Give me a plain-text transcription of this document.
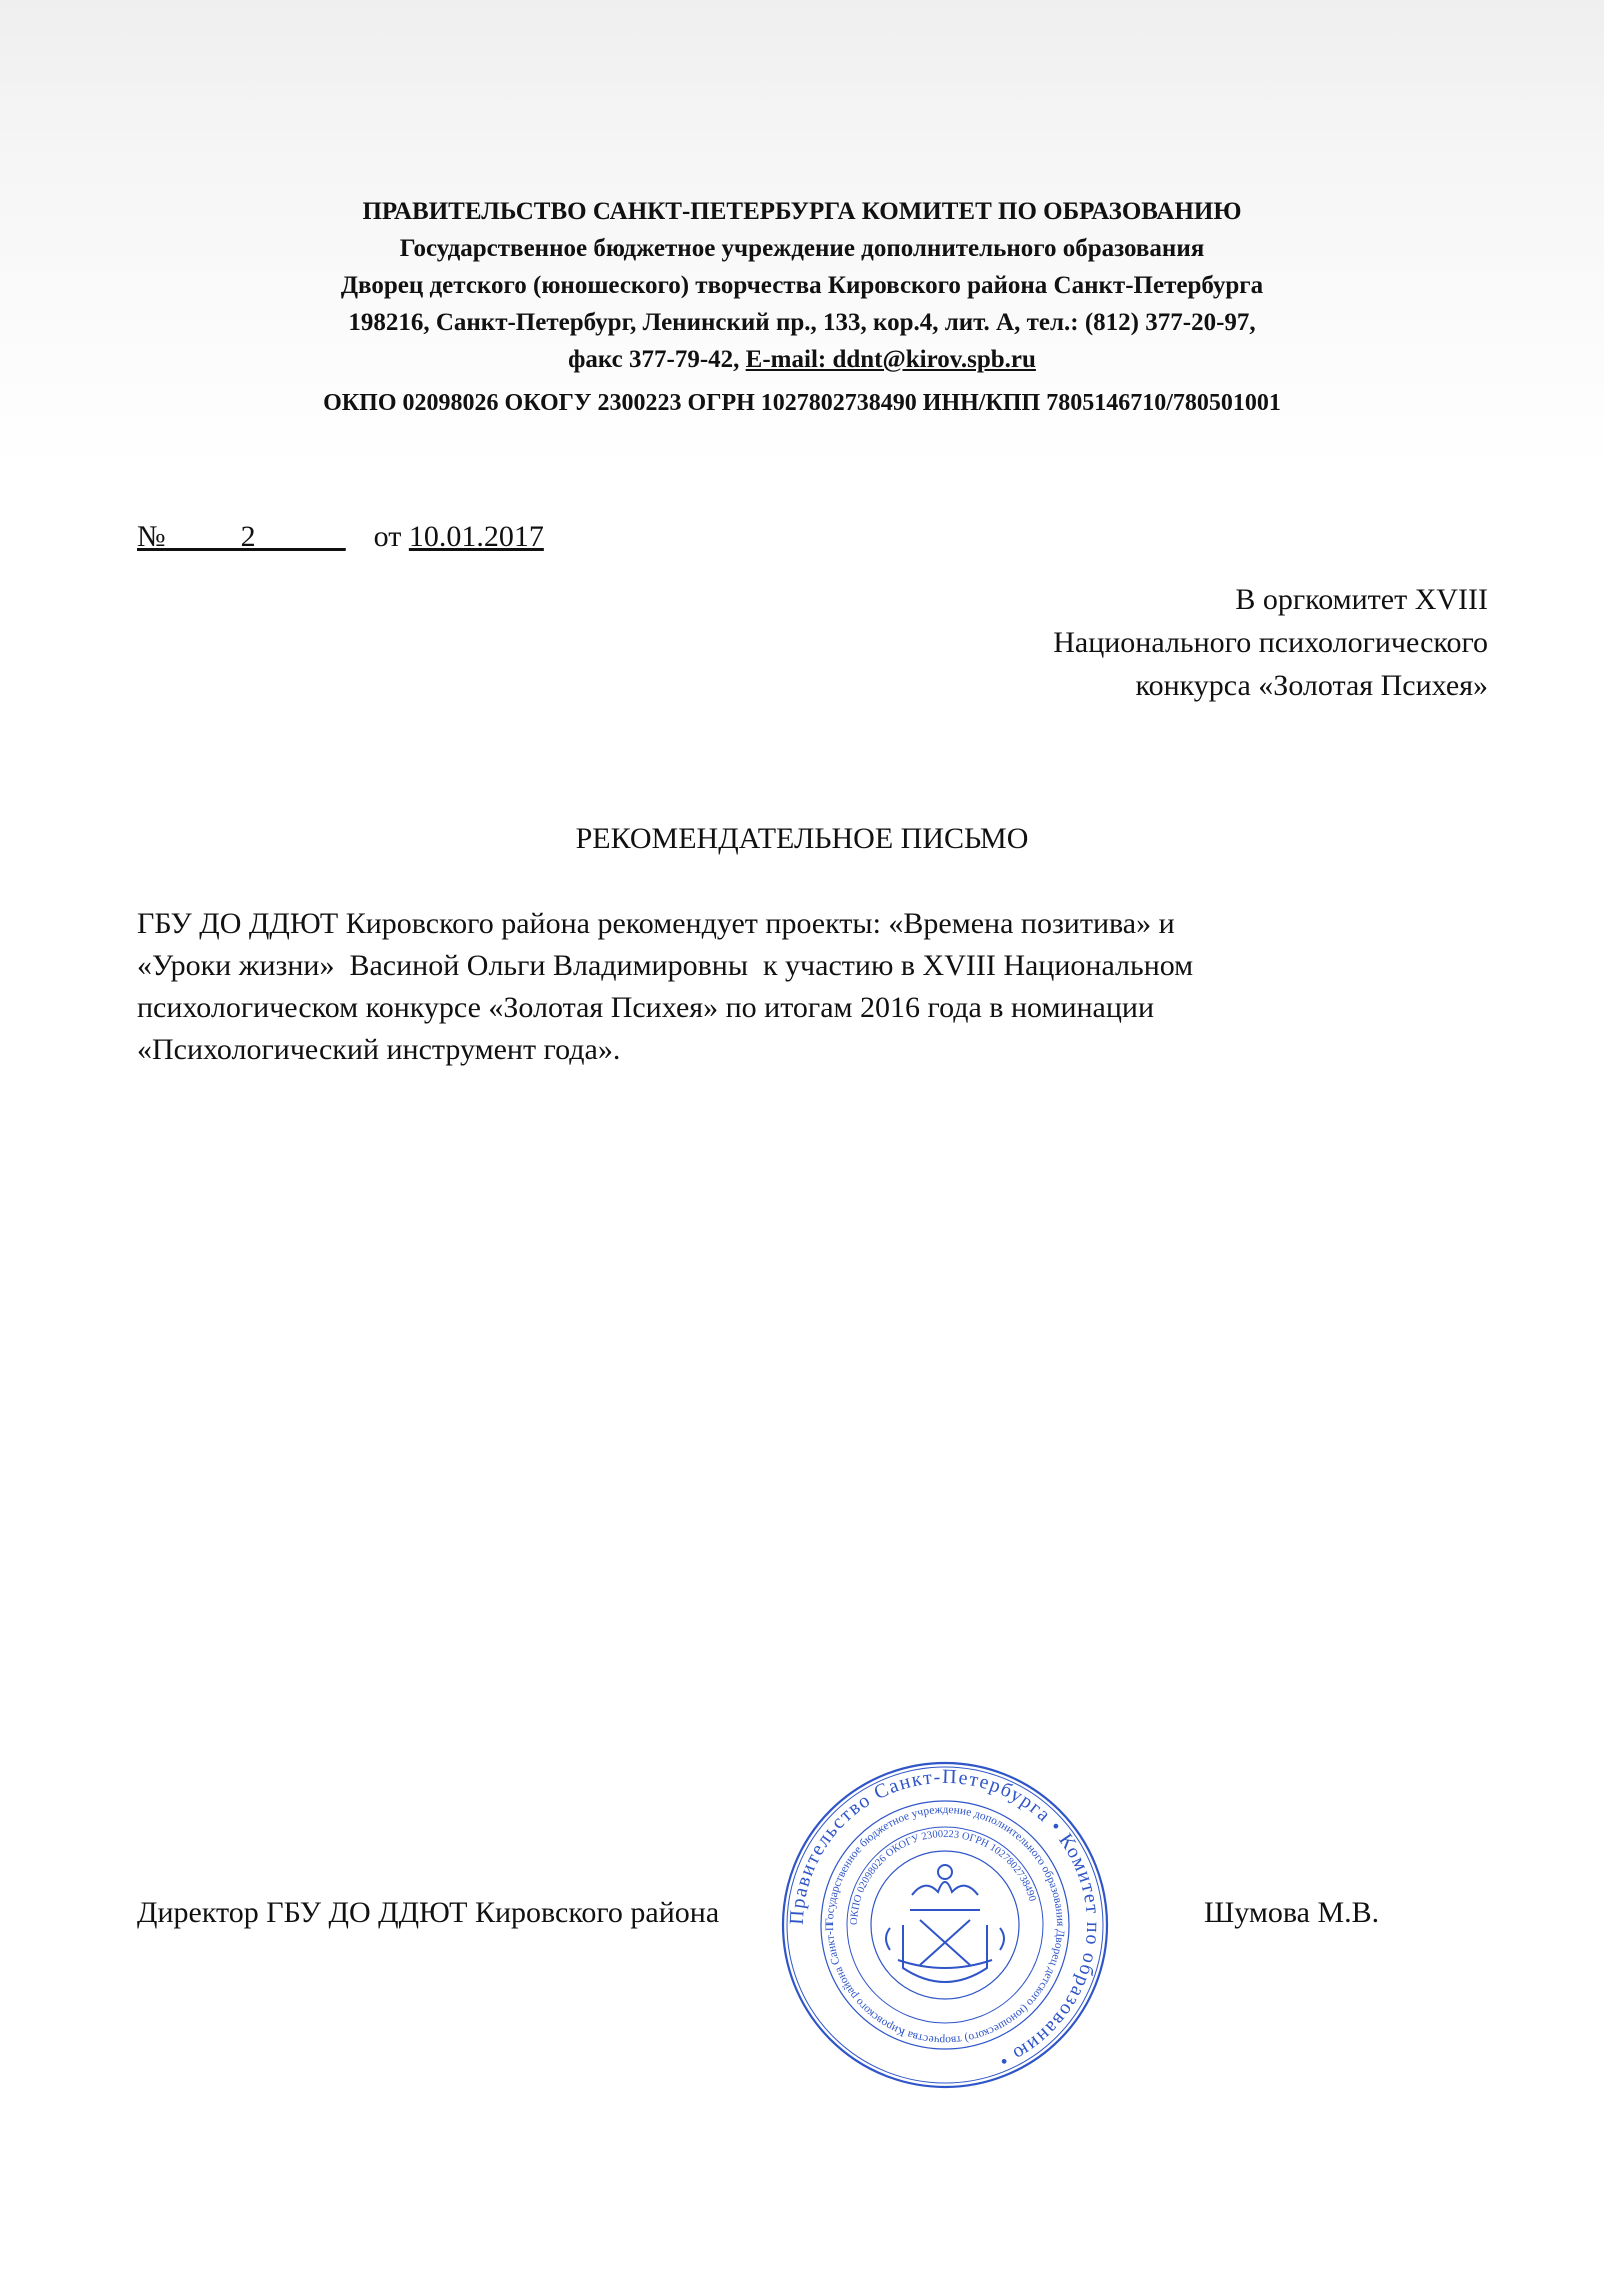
ПРАВИТЕЛЬСТВО САНКТ-ПЕТЕРБУРГА КОМИТЕТ ПО ОБРАЗОВАНИЮ
Государственное бюджетное учреждение дополнительного образования
Дворец детского (юношеского) творчества Кировского района Санкт-Петербурга
198216, Санкт-Петербург, Ленинский пр., 133, кор.4, лит. А, тел.: (812) 377-20-97,
факс 377-79-42, E-mail: ddnt@kirov.spb.ru
ОКПО 02098026 ОКОГУ 2300223 ОГРН 1027802738490 ИНН/КПП 7805146710/780501001
№_____2______ от 10.01.2017
В оргкомитет XVIII
Национального психологического
конкурса «Золотая Психея»
РЕКОМЕНДАТЕЛЬНОЕ ПИСЬМО
ГБУ ДО ДДЮТ Кировского района рекомендует проекты: «Времена позитива» и
«Уроки жизни»  Васиной Ольги Владимировны  к участию в XVIII Национальном
психологическом конкурсе «Золотая Психея» по итогам 2016 года в номинации
«Психологический инструмент года».
Директор ГБУ ДО ДДЮТ Кировского района	Шумова М.В.
Правительство Санкт-Петербурга • Комитет по образованию •
Государственное бюджетное учреждение дополнительного образования Дворец детского (юношеского) творчества Кировского района Санкт-П
ОКПО 02098026 ОКОГУ 2300223 ОГРН 1027802738490
